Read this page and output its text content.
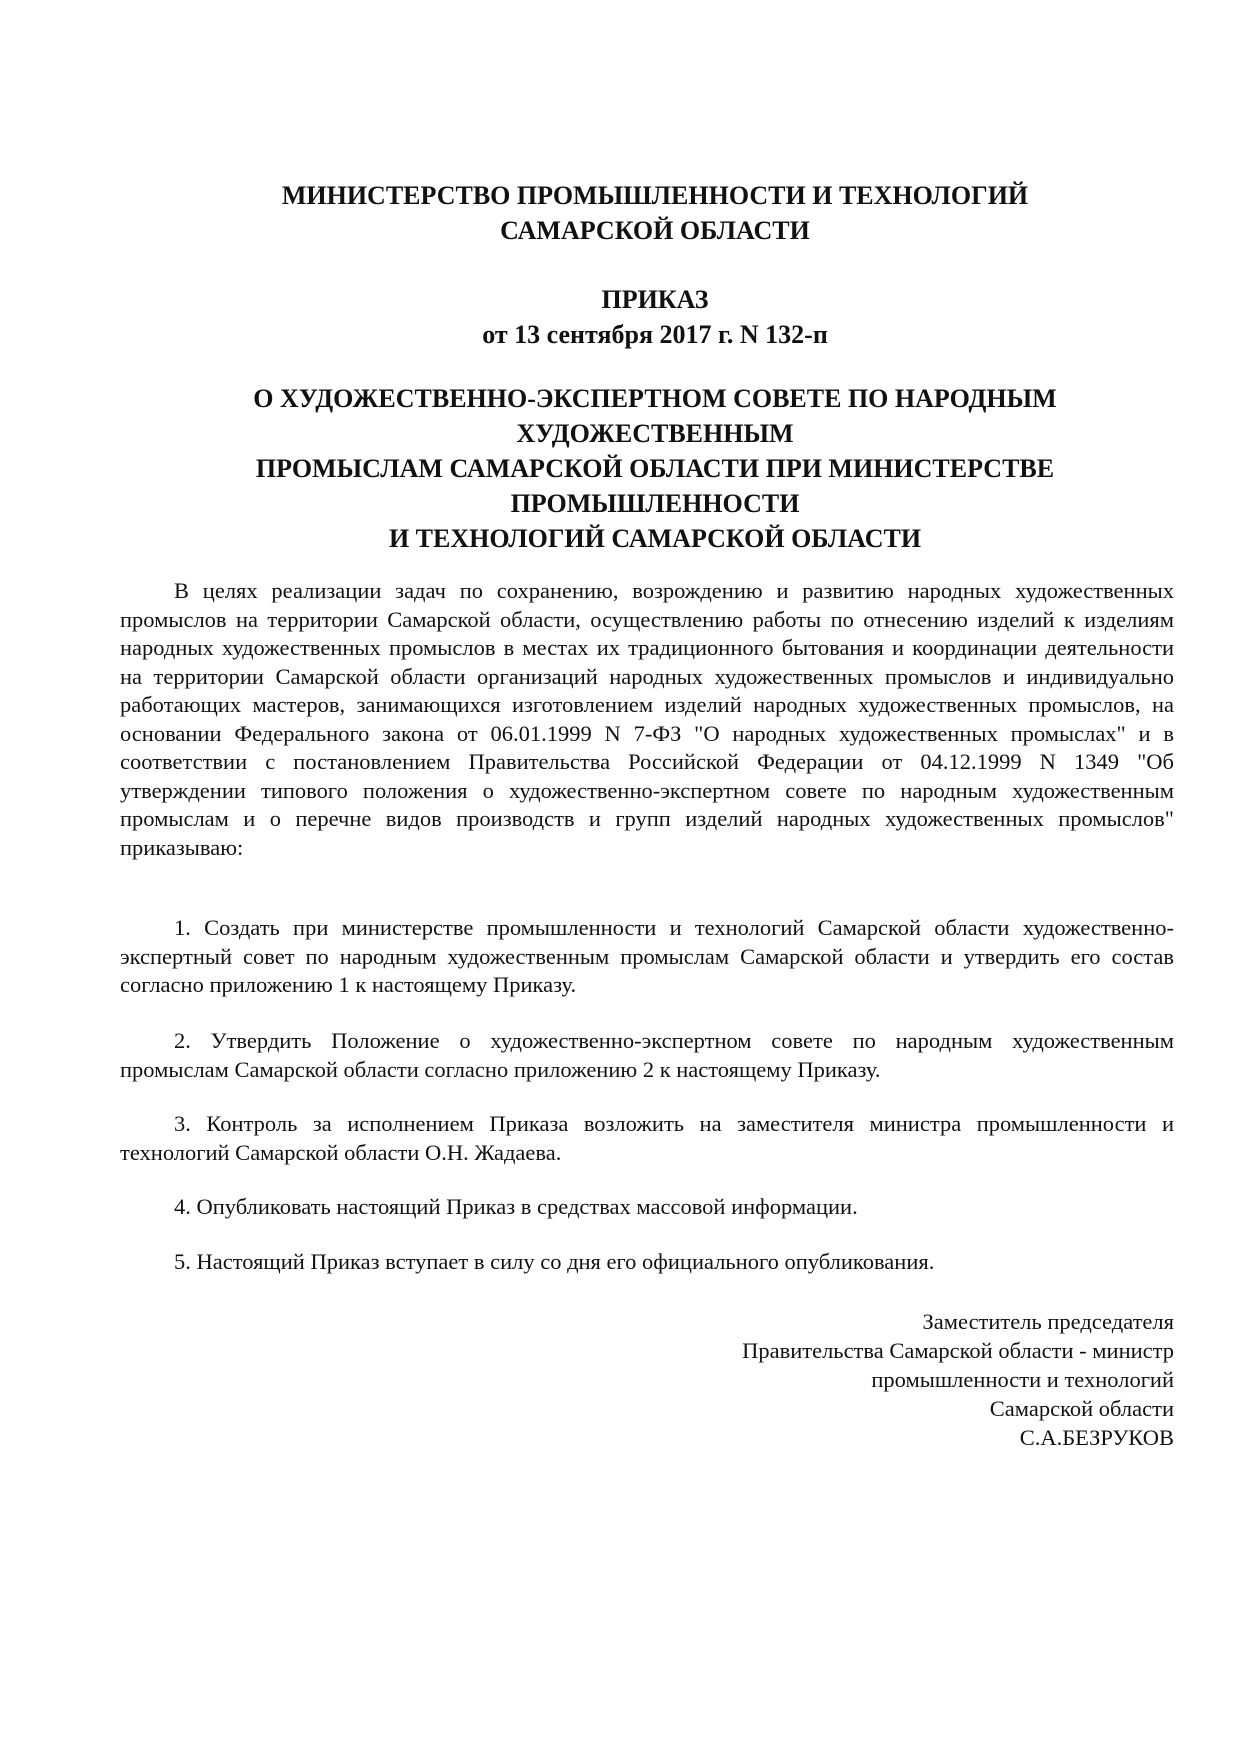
МИНИСТЕРСТВО ПРОМЫШЛЕННОСТИ И ТЕХНОЛОГИЙ
САМАРСКОЙ ОБЛАСТИ
ПРИКАЗ
от 13 сентября 2017 г. N 132-п
О ХУДОЖЕСТВЕННО-ЭКСПЕРТНОМ СОВЕТЕ ПО НАРОДНЫМ
ХУДОЖЕСТВЕННЫМ
ПРОМЫСЛАМ САМАРСКОЙ ОБЛАСТИ ПРИ МИНИСТЕРСТВЕ
ПРОМЫШЛЕННОСТИ
И ТЕХНОЛОГИЙ САМАРСКОЙ ОБЛАСТИ

В целях реализации задач по сохранению, возрождению и развитию народных художественных промыслов на территории Самарской области, осуществлению работы по отнесению изделий к изделиям народных художественных промыслов в местах их традиционного бытования и координации деятельности на территории Самарской области организаций народных художественных промыслов и индивидуально работающих мастеров, занимающихся изготовлением изделий народных художественных промыслов, на основании Федерального закона от 06.01.1999 N 7-ФЗ "О народных художественных промыслах" и в соответствии с постановлением Правительства Российской Федерации от 04.12.1999 N 1349 "Об утверждении типового положения о художественно-экспертном совете по народным художественным промыслам и о перечне видов производств и групп изделий народных художественных промыслов" приказываю:

1. Создать при министерстве промышленности и технологий Самарской области художественно-экспертный совет по народным художественным промыслам Самарской области и утвердить его состав согласно приложению 1 к настоящему Приказу.

2. Утвердить Положение о художественно-экспертном совете по народным художественным промыслам Самарской области согласно приложению 2 к настоящему Приказу.

3. Контроль за исполнением Приказа возложить на заместителя министра промышленности и технологий Самарской области О.Н. Жадаева.

4. Опубликовать настоящий Приказ в средствах массовой информации.

5. Настоящий Приказ вступает в силу со дня его официального опубликования.

Заместитель председателя
Правительства Самарской области - министр
промышленности и технологий
Самарской области
С.А.БЕЗРУКОВ
